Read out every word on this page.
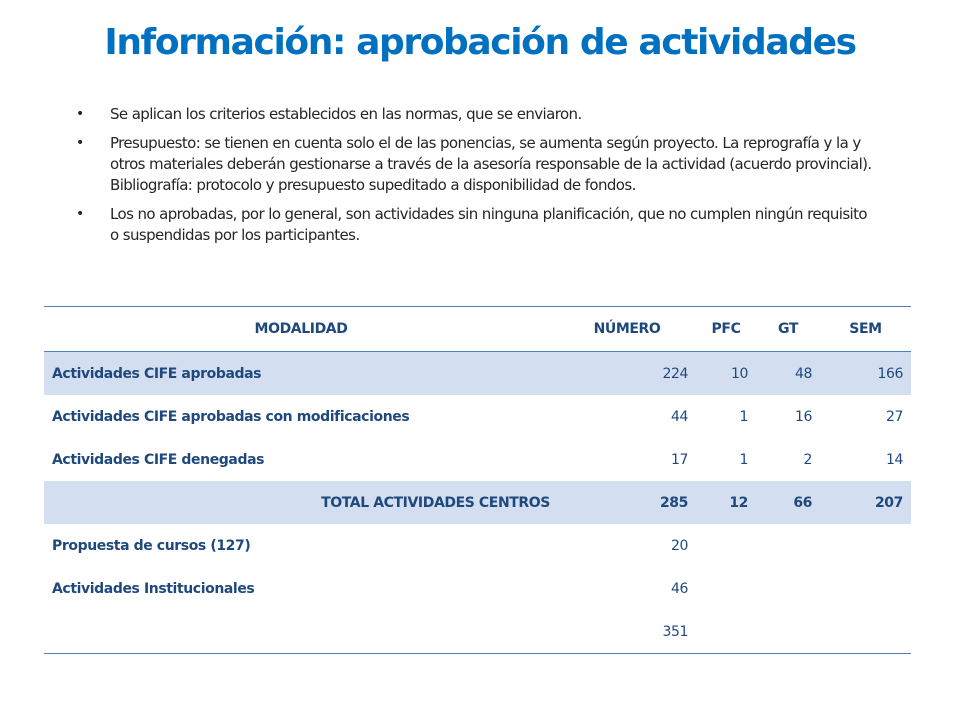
Información: aprobación de actividades
•	Se aplican los criterios establecidos en las normas, que se enviaron.
•	Presupuesto: se tienen en cuenta solo el de las ponencias, se aumenta según proyecto. La reprografía y la y otros materiales deberán gestionarse a través de la asesoría responsable de la actividad (acuerdo provincial). Bibliografía: protocolo y presupuesto supeditado a disponibilidad de fondos.
•	Los no aprobadas, por lo general, son actividades sin ninguna planificación, que no cumplen ningún requisito o suspendidas por los participantes.
MODALIDAD	NÚMERO	PFC	GT	SEM
Actividades CIFE aprobadas	224	10	48	166
Actividades CIFE aprobadas con modificaciones	44	1	16	27
Actividades CIFE denegadas	17	1	2	14
TOTAL ACTIVIDADES CENTROS	285	12	66	207
Propuesta de cursos (127)	20			
Actividades Institucionales	46			
	351			
